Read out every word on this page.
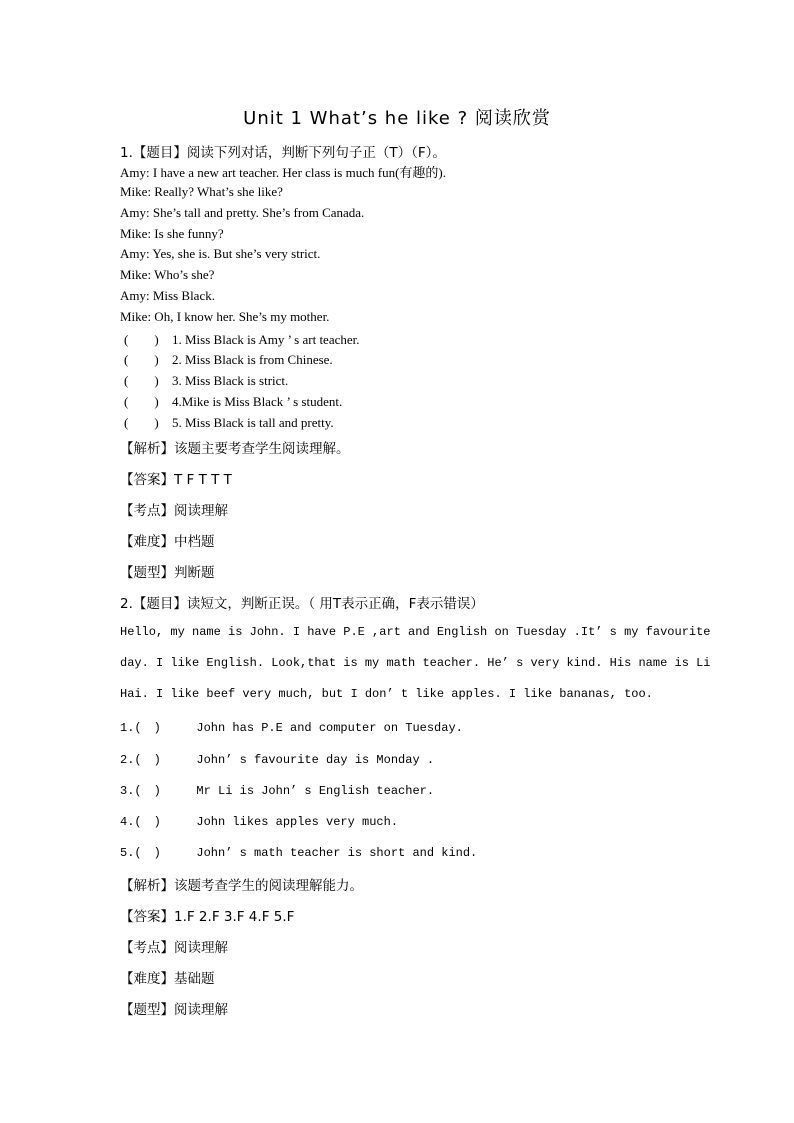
Unit 1 What’s he like ? 阅读欣赏
1.【题目】阅读下列对话，判断下列句子正（T）（F）。
Amy: I have a new art teacher. Her class is much fun(有趣的).
Mike: Really? What’s she like?
Amy: She’s tall and pretty. She’s from Canada.
Mike: Is she funny?
Amy: Yes, she is. But she’s very strict.
Mike: Who’s she?
Amy: Miss Black.
Mike: Oh, I know her. She’s my mother.
(　　) 1. Miss Black is Amy ’ s art teacher.
(　　) 2. Miss Black is from Chinese.
(　　) 3. Miss Black is strict.
(　　) 4.Mike is Miss Black ’ s student.
(　　) 5. Miss Black is tall and pretty.
【解析】该题主要考查学生阅读理解。
【答案】T F T T T
【考点】阅读理解
【难度】中档题
【题型】判断题
2.【题目】读短文，判断正误。（ 用T表示正确，F表示错误）
Hello, my name is John. I have P.E ,art and English on Tuesday .It’ s my favourite
day. I like English. Look,that is my math teacher. He’ s very kind. His name is Li
Hai. I like beef very much, but I don’ t like apples. I like bananas, too.
1.(　)	John has P.E and computer on Tuesday.
2.(　)	John’ s favourite day is Monday .
3.(　)	Mr Li is John’ s English teacher.
4.(　)	John likes apples very much.
5.(　)	John’ s math teacher is short and kind.
【解析】该题考查学生的阅读理解能力。
【答案】1.F 2.F 3.F 4.F 5.F
【考点】阅读理解
【难度】基础题
【题型】阅读理解
